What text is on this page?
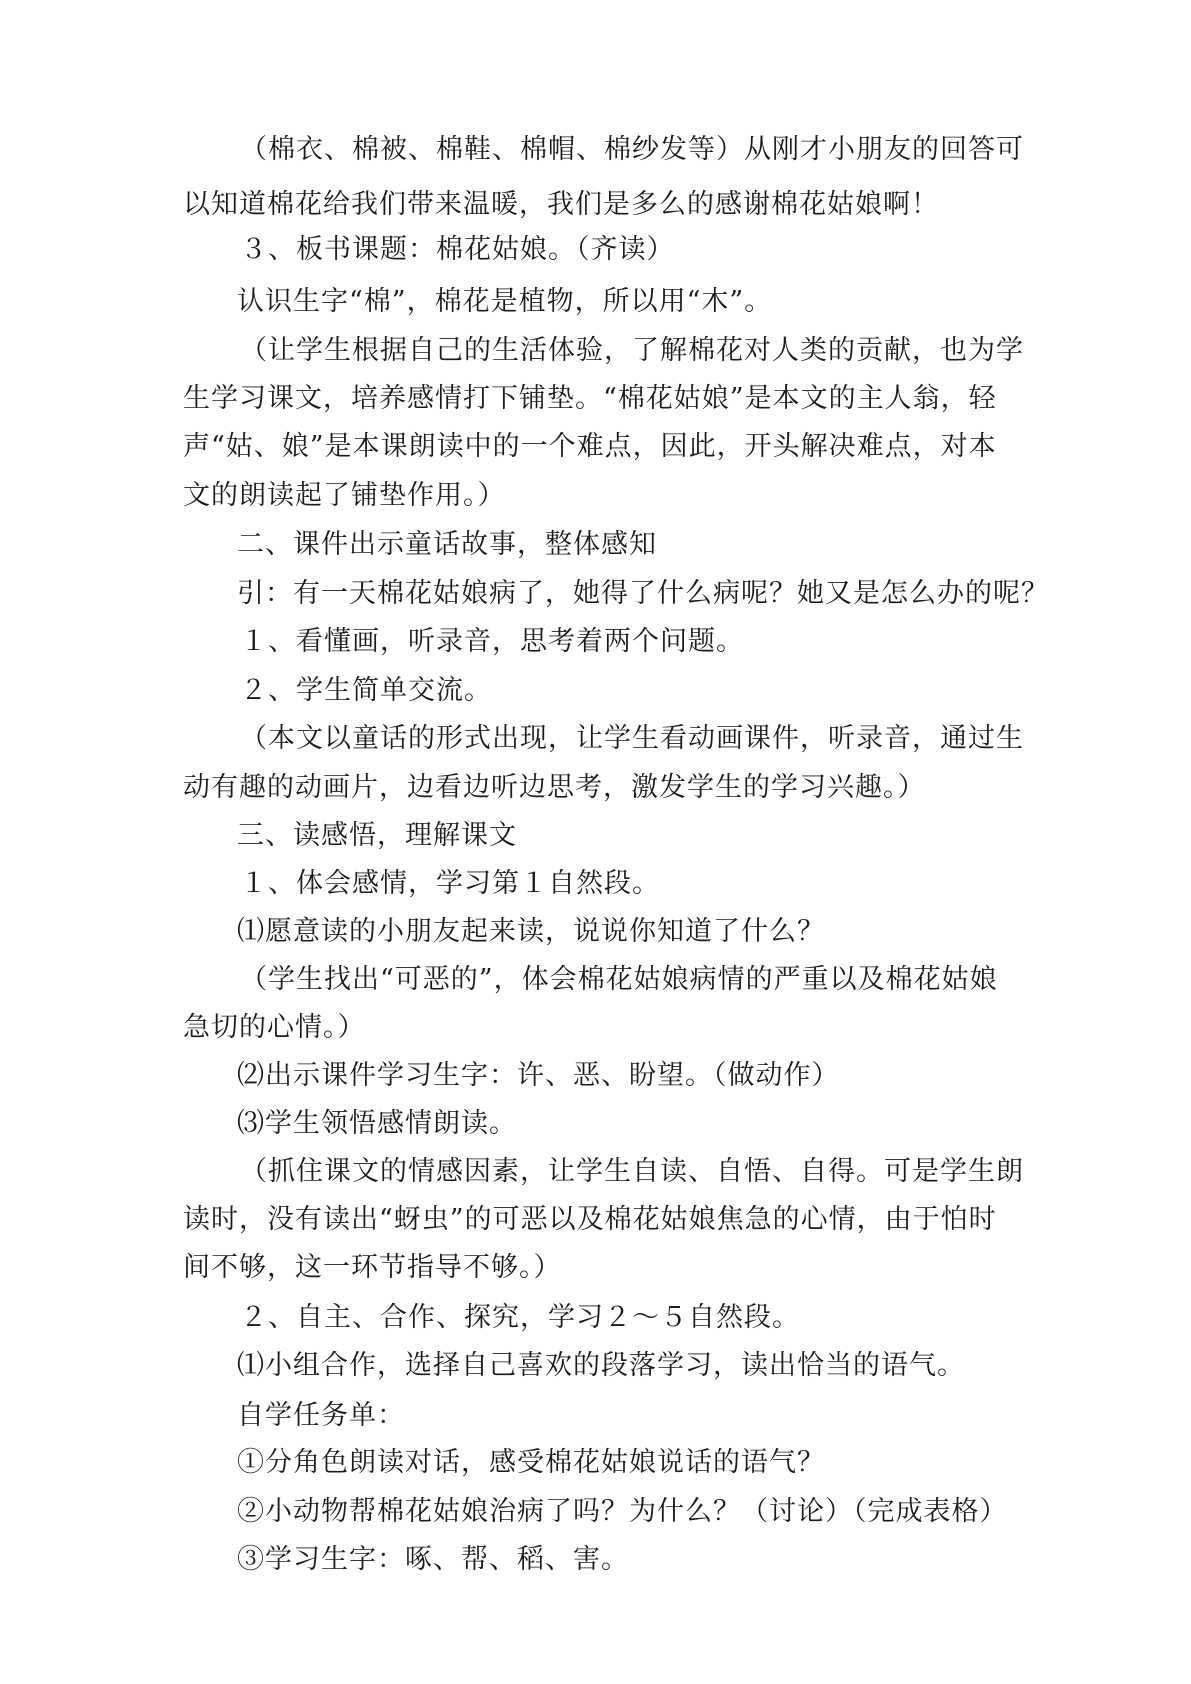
（棉衣、棉被、棉鞋、棉帽、棉纱发等）从刚才小朋友的回答可
以知道棉花给我们带来温暖，我们是多么的感谢棉花姑娘啊！
３、板书课题：棉花姑娘。（齐读）
认识生字“棉”，棉花是植物，所以用“木”。
（让学生根据自己的生活体验，了解棉花对人类的贡献，也为学
生学习课文，培养感情打下铺垫。“棉花姑娘”是本文的主人翁，轻
声“姑、娘”是本课朗读中的一个难点，因此，开头解决难点，对本
文的朗读起了铺垫作用。）
二、课件出示童话故事，整体感知
引：有一天棉花姑娘病了，她得了什么病呢？她又是怎么办的呢？
１、看懂画，听录音，思考着两个问题。
２、学生简单交流。
（本文以童话的形式出现，让学生看动画课件，听录音，通过生
动有趣的动画片，边看边听边思考，激发学生的学习兴趣。）
三、读感悟，理解课文
１、体会感情，学习第１自然段。
⑴愿意读的小朋友起来读，说说你知道了什么？
（学生找出“可恶的”，体会棉花姑娘病情的严重以及棉花姑娘
急切的心情。）
⑵出示课件学习生字：许、恶、盼望。（做动作）
⑶学生领悟感情朗读。
（抓住课文的情感因素，让学生自读、自悟、自得。可是学生朗
读时，没有读出“蚜虫”的可恶以及棉花姑娘焦急的心情，由于怕时
间不够，这一环节指导不够。）
２、自主、合作、探究，学习２～５自然段。
⑴小组合作，选择自己喜欢的段落学习，读出恰当的语气。
自学任务单：
①分角色朗读对话，感受棉花姑娘说话的语气？
②小动物帮棉花姑娘治病了吗？为什么？（讨论）（完成表格）
③学习生字：啄、帮、稻、害。
